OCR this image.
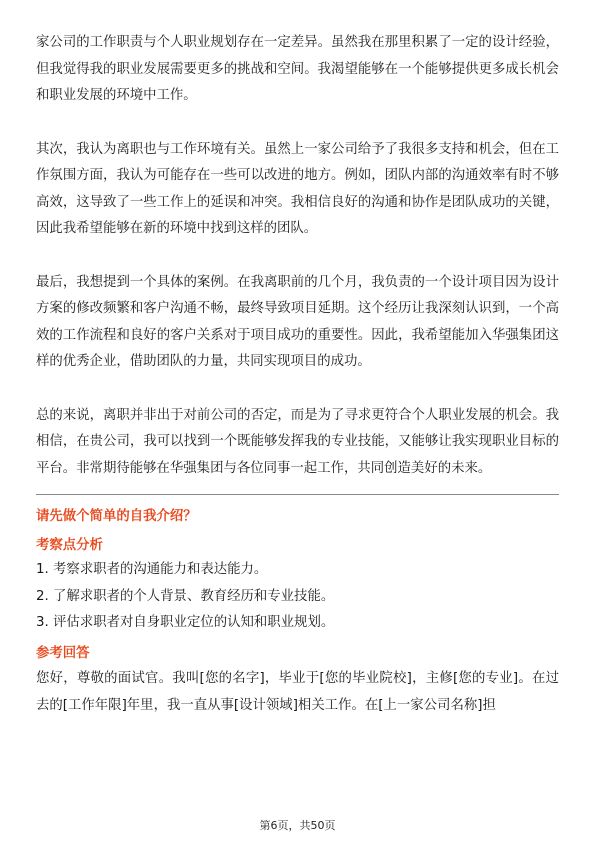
家公司的工作职责与个人职业规划存在一定差异。虽然我在那里积累了一定的设计经验，但我觉得我的职业发展需要更多的挑战和空间。我渴望能够在一个能够提供更多成长机会和职业发展的环境中工作。

其次，我认为离职也与工作环境有关。虽然上一家公司给予了我很多支持和机会，但在工作氛围方面，我认为可能存在一些可以改进的地方。例如，团队内部的沟通效率有时不够高效，这导致了一些工作上的延误和冲突。我相信良好的沟通和协作是团队成功的关键，因此我希望能够在新的环境中找到这样的团队。

最后，我想提到一个具体的案例。在我离职前的几个月，我负责的一个设计项目因为设计方案的修改频繁和客户沟通不畅，最终导致项目延期。这个经历让我深刻认识到，一个高效的工作流程和良好的客户关系对于项目成功的重要性。因此，我希望能加入华强集团这样的优秀企业，借助团队的力量，共同实现项目的成功。

总的来说，离职并非出于对前公司的否定，而是为了寻求更符合个人职业发展的机会。我相信，在贵公司，我可以找到一个既能够发挥我的专业技能，又能够让我实现职业目标的平台。非常期待能够在华强集团与各位同事一起工作，共同创造美好的未来。

请先做个简单的自我介绍？

考察点分析

1. 考察求职者的沟通能力和表达能力。

2. 了解求职者的个人背景、教育经历和专业技能。

3. 评估求职者对自身职业定位的认知和职业规划。

参考回答

您好，尊敬的面试官。我叫[您的名字]，毕业于[您的毕业院校]，主修[您的专业]。在过去的[工作年限]年里，我一直从事[设计领域]相关工作。在[上一家公司名称]担

第6页，共50页
